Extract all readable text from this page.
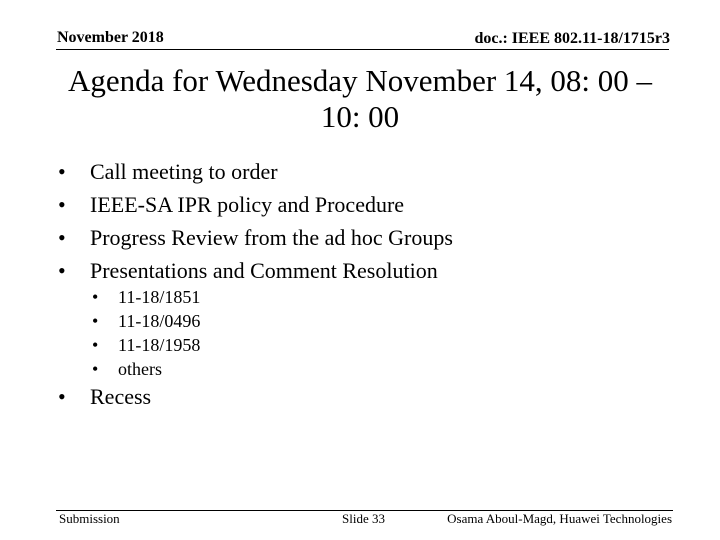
November 2018	doc.: IEEE 802.11-18/1715r3
Agenda for Wednesday November 14, 08: 00 –
10: 00
• Call meeting to order
• IEEE-SA IPR policy and Procedure
• Progress Review from the ad hoc Groups
• Presentations and Comment Resolution
• 11-18/1851
• 11-18/0496
• 11-18/1958
• others
• Recess
Submission	Slide 33	Osama Aboul-Magd, Huawei Technologies
